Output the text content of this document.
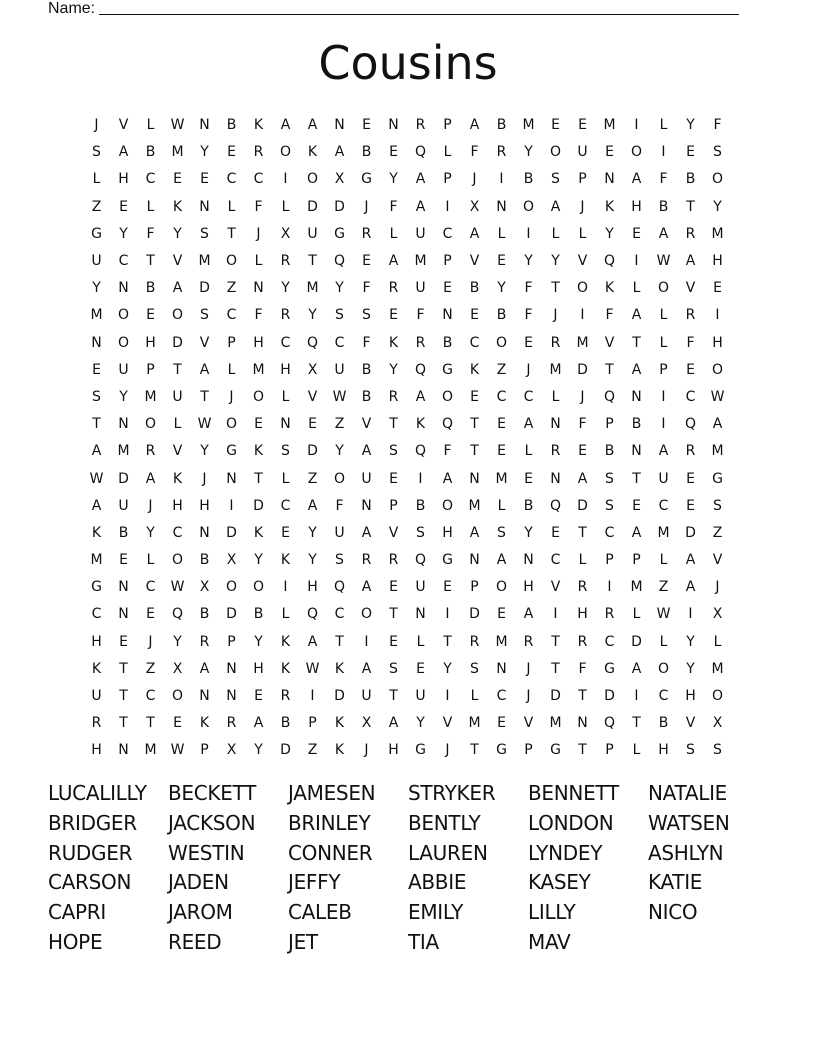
Name:
Cousins
J	V	L	W	N	B	K	A	A	N	E	N	R	P	A	B	M	E	E	M	I	L	Y	F
S	A	B	M	Y	E	R	O	K	A	B	E	Q	L	F	R	Y	O	U	E	O	I	E	S
L	H	C	E	E	C	C	I	O	X	G	Y	A	P	J	I	B	S	P	N	A	F	B	O
Z	E	L	K	N	L	F	L	D	D	J	F	A	I	X	N	O	A	J	K	H	B	T	Y
G	Y	F	Y	S	T	J	X	U	G	R	L	U	C	A	L	I	L	L	Y	E	A	R	M
U	C	T	V	M	O	L	R	T	Q	E	A	M	P	V	E	Y	Y	V	Q	I	W	A	H
Y	N	B	A	D	Z	N	Y	M	Y	F	R	U	E	B	Y	F	T	O	K	L	O	V	E
M	O	E	O	S	C	F	R	Y	S	S	E	F	N	E	B	F	J	I	F	A	L	R	I
N	O	H	D	V	P	H	C	Q	C	F	K	R	B	C	O	E	R	M	V	T	L	F	H
E	U	P	T	A	L	M	H	X	U	B	Y	Q	G	K	Z	J	M	D	T	A	P	E	O
S	Y	M	U	T	J	O	L	V	W	B	R	A	O	E	C	C	L	J	Q	N	I	C	W
T	N	O	L	W	O	E	N	E	Z	V	T	K	Q	T	E	A	N	F	P	B	I	Q	A
A	M	R	V	Y	G	K	S	D	Y	A	S	Q	F	T	E	L	R	E	B	N	A	R	M
W	D	A	K	J	N	T	L	Z	O	U	E	I	A	N	M	E	N	A	S	T	U	E	G
A	U	J	H	H	I	D	C	A	F	N	P	B	O	M	L	B	Q	D	S	E	C	E	S
K	B	Y	C	N	D	K	E	Y	U	A	V	S	H	A	S	Y	E	T	C	A	M	D	Z
M	E	L	O	B	X	Y	K	Y	S	R	R	Q	G	N	A	N	C	L	P	P	L	A	V
G	N	C	W	X	O	O	I	H	Q	A	E	U	E	P	O	H	V	R	I	M	Z	A	J
C	N	E	Q	B	D	B	L	Q	C	O	T	N	I	D	E	A	I	H	R	L	W	I	X
H	E	J	Y	R	P	Y	K	A	T	I	E	L	T	R	M	R	T	R	C	D	L	Y	L
K	T	Z	X	A	N	H	K	W	K	A	S	E	Y	S	N	J	T	F	G	A	O	Y	M
U	T	C	O	N	N	E	R	I	D	U	T	U	I	L	C	J	D	T	D	I	C	H	O
R	T	T	E	K	R	A	B	P	K	X	A	Y	V	M	E	V	M	N	Q	T	B	V	X
H	N	M	W	P	X	Y	D	Z	K	J	H	G	J	T	G	P	G	T	P	L	H	S	S
LUCALILLY	BECKETT	JAMESEN	STRYKER	BENNETT	NATALIE
BRIDGER	JACKSON	BRINLEY	BENTLY	LONDON	WATSEN
RUDGER	WESTIN	CONNER	LAUREN	LYNDEY	ASHLYN
CARSON	JADEN	JEFFY	ABBIE	KASEY	KATIE
CAPRI	JAROM	CALEB	EMILY	LILLY	NICO
HOPE	REED	JET	TIA	MAV
